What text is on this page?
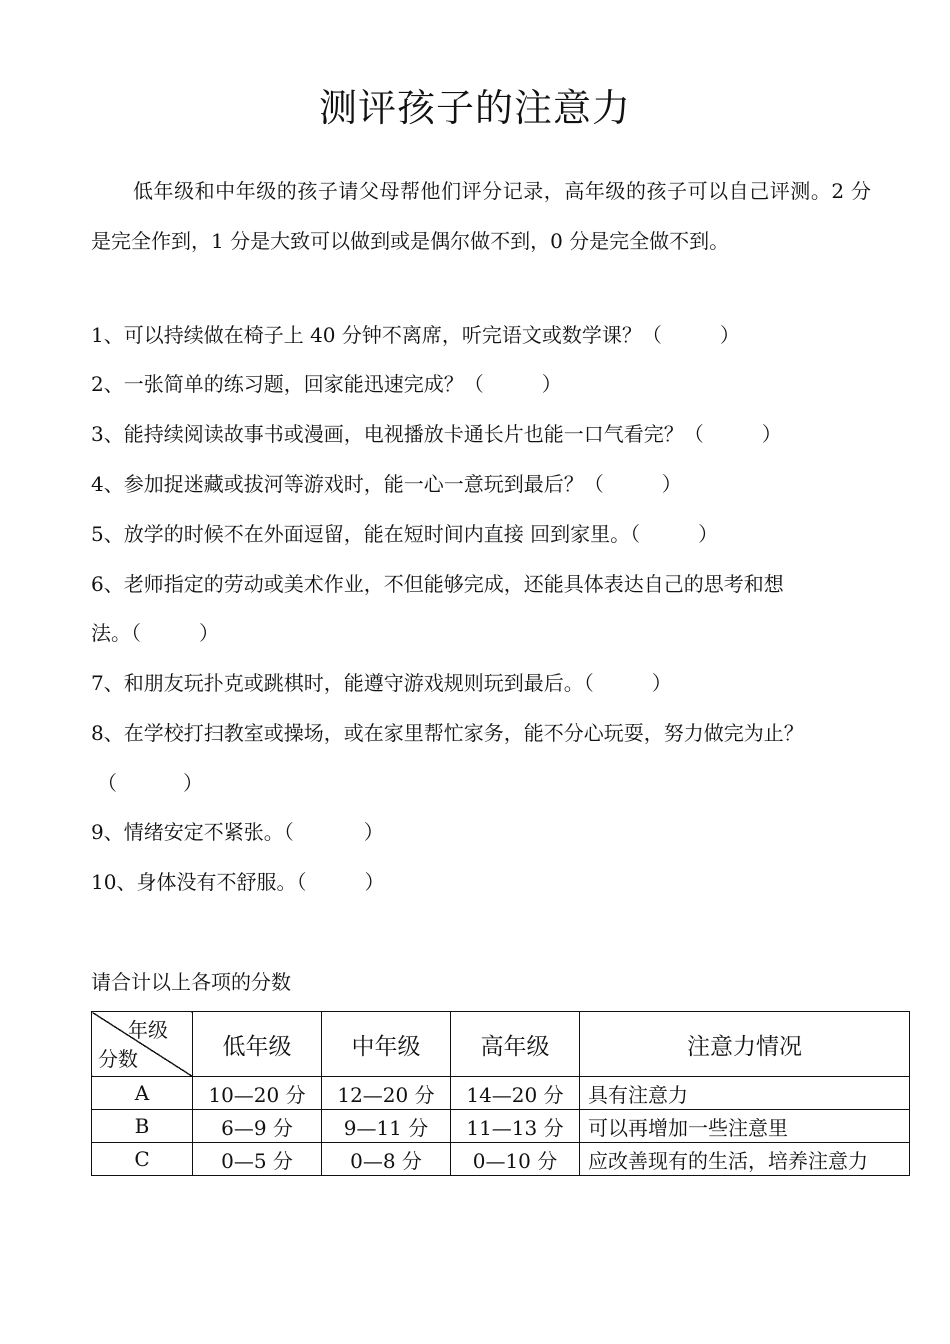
测评孩子的注意力
低年级和中年级的孩子请父母帮他们评分记录，高年级的孩子可以自己评测。2 分是完全作到，1 分是大致可以做到或是偶尔做不到，0 分是完全做不到。
1、可以持续做在椅子上 40 分钟不离席，听完语文或数学课？（	）
2、一张简单的练习题，回家能迅速完成？（	）
3、能持续阅读故事书或漫画，电视播放卡通长片也能一口气看完？（	）
4、参加捉迷藏或拔河等游戏时，能一心一意玩到最后？（	）
5、放学的时候不在外面逗留，能在短时间内直接 回到家里。（	）
6、老师指定的劳动或美术作业，不但能够完成，还能具体表达自己的思考和想
法。（	）
7、和朋友玩扑克或跳棋时，能遵守游戏规则玩到最后。（	）
8、在学校打扫教室或操场，或在家里帮忙家务，能不分心玩耍，努力做完为止？
（	）
9、情绪安定不紧张。（	）
10、身体没有不舒服。（	）
请合计以上各项的分数
年级
分数	低年级	中年级	高年级	注意力情况
A	10—20 分	12—20 分	14—20 分	具有注意力
B	6—9 分	9—11 分	11—13 分	可以再增加一些注意里
C	0—5 分	0—8 分	0—10 分	应改善现有的生活，培养注意力
